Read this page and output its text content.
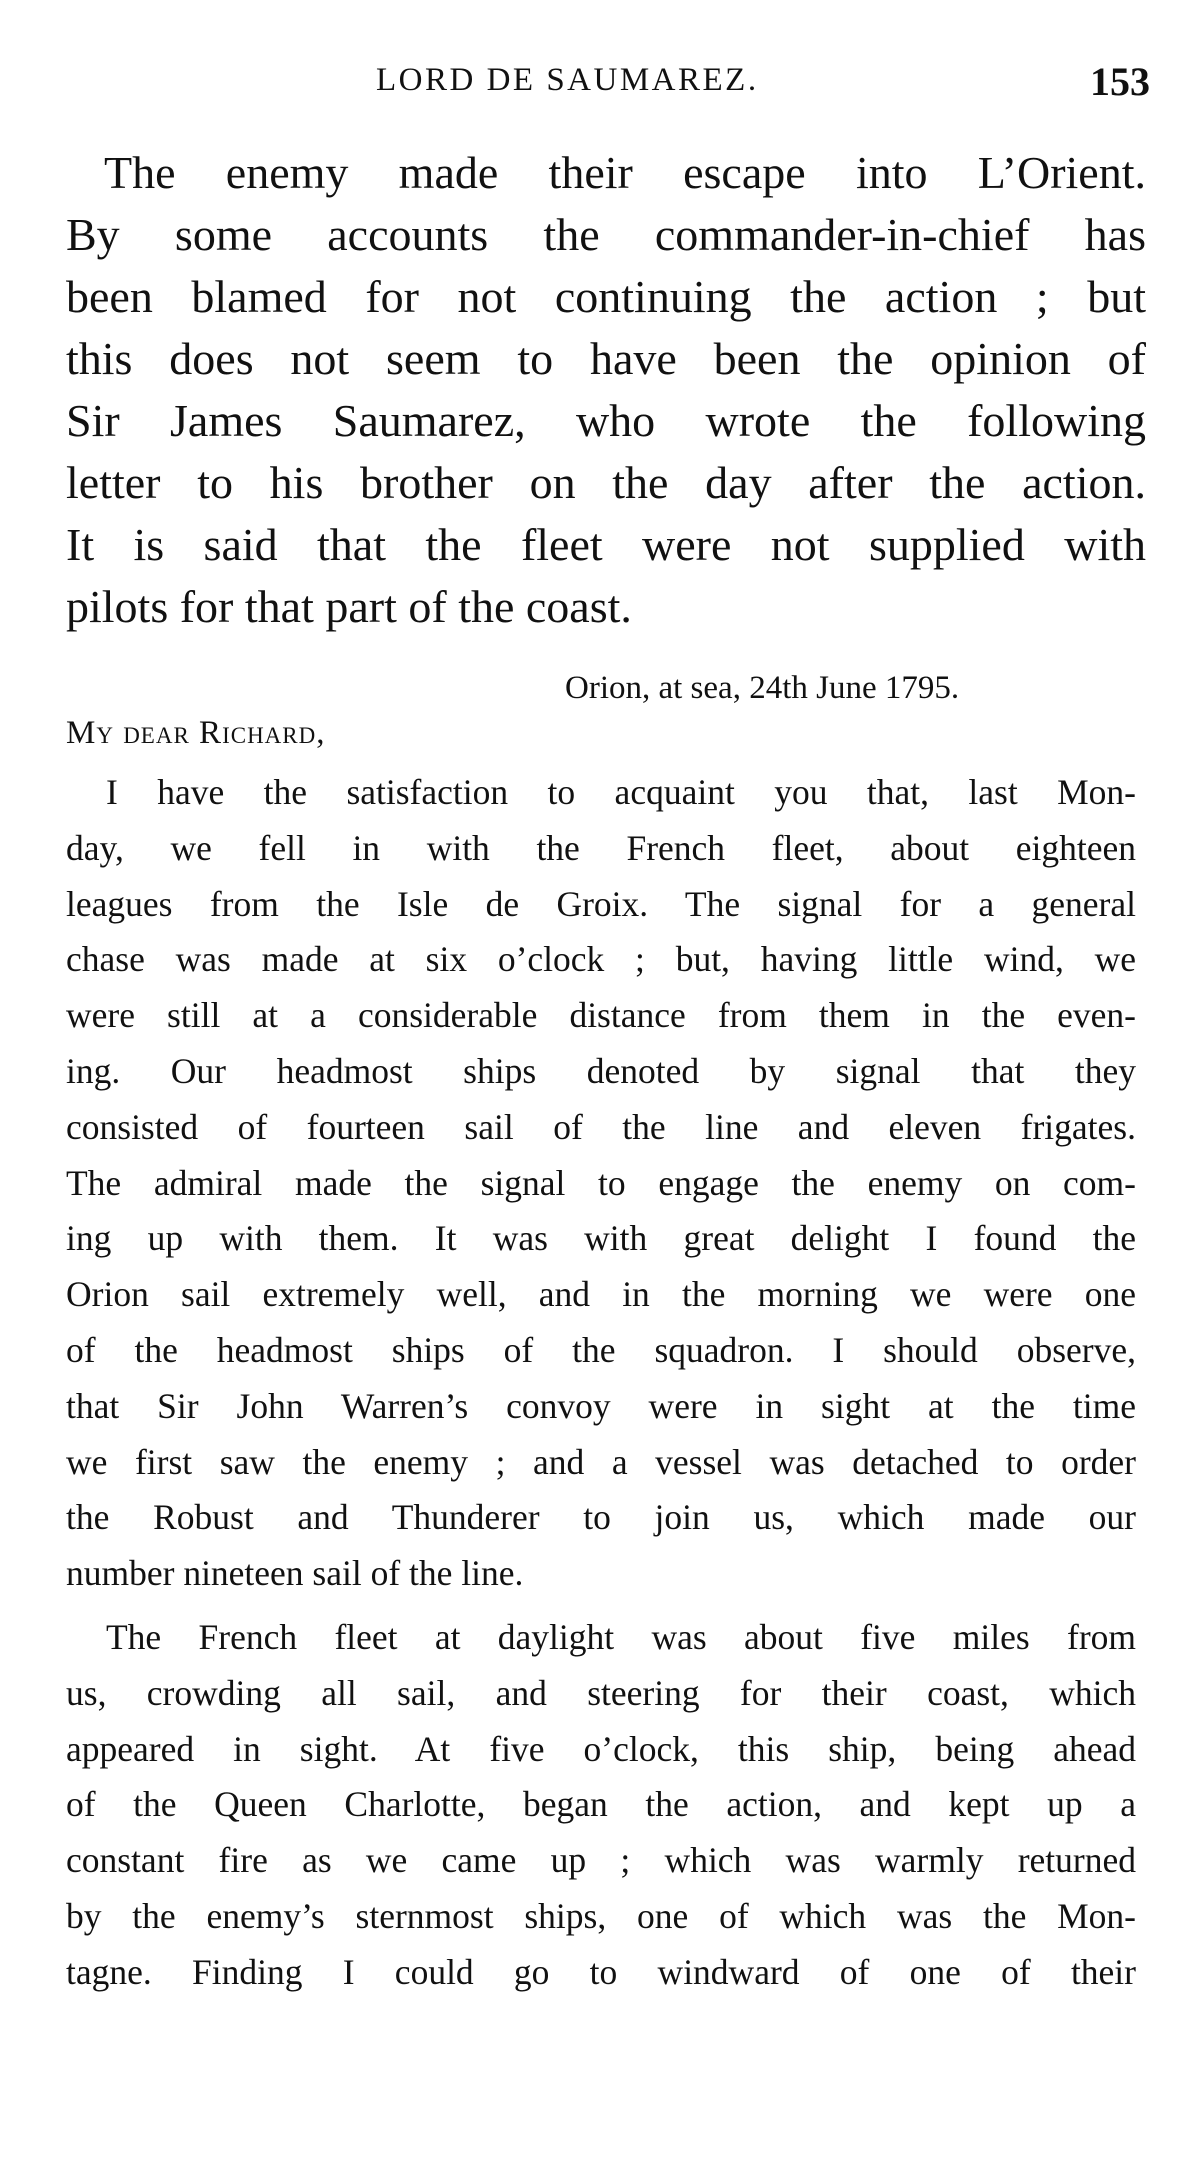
LORD DE SAUMAREZ.	153
The enemy made their escape into L’Orient.
By some accounts the commander-in-chief has
been blamed for not continuing the action ; but
this does not seem to have been the opinion of
Sir James Saumarez, who wrote the following
letter to his brother on the day after the action.
It is said that the fleet were not supplied with
pilots for that part of the coast.
Orion, at sea, 24th June 1795.
My dear Richard,
I have the satisfaction to acquaint you that, last Mon-
day, we fell in with the French fleet, about eighteen
leagues from the Isle de Groix. The signal for a general
chase was made at six o’clock ; but, having little wind, we
were still at a considerable distance from them in the even-
ing. Our headmost ships denoted by signal that they
consisted of fourteen sail of the line and eleven frigates.
The admiral made the signal to engage the enemy on com-
ing up with them. It was with great delight I found the
Orion sail extremely well, and in the morning we were one
of the headmost ships of the squadron. I should observe,
that Sir John Warren’s convoy were in sight at the time
we first saw the enemy ; and a vessel was detached to order
the Robust and Thunderer to join us, which made our
number nineteen sail of the line.
The French fleet at daylight was about five miles from
us, crowding all sail, and steering for their coast, which
appeared in sight. At five o’clock, this ship, being ahead
of the Queen Charlotte, began the action, and kept up a
constant fire as we came up ; which was warmly returned
by the enemy’s sternmost ships, one of which was the Mon-
tagne. Finding I could go to windward of one of their
